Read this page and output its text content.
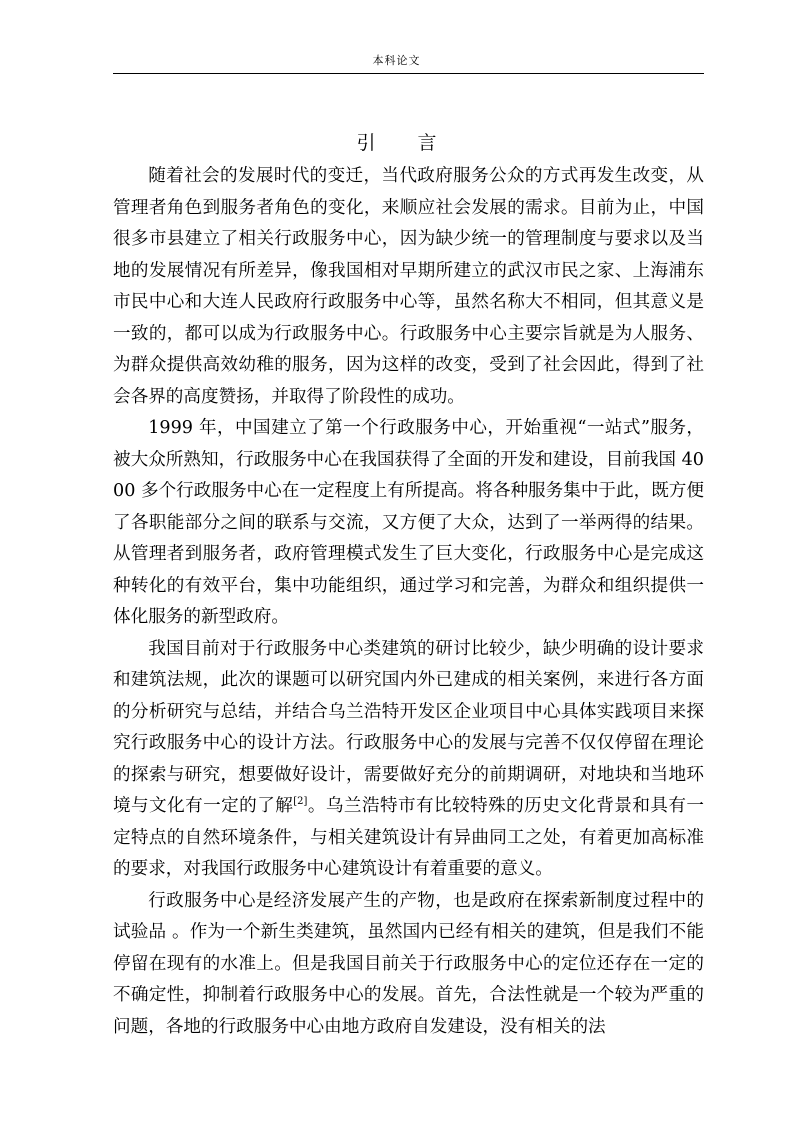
本科论文
引 言

随着社会的发展时代的变迁，当代政府服务公众的方式再发生改变，从管理者角色到服务者角色的变化，来顺应社会发展的需求。目前为止，中国很多市县建立了相关行政服务中心，因为缺少统一的管理制度与要求以及当地的发展情况有所差异，像我国相对早期所建立的武汉市民之家、上海浦东市民中心和大连人民政府行政服务中心等，虽然名称大不相同，但其意义是一致的，都可以成为行政服务中心。行政服务中心主要宗旨就是为人服务、为群众提供高效幼稚的服务，因为这样的改变，受到了社会因此，得到了社会各界的高度赞扬，并取得了阶段性的成功。

1999 年，中国建立了第一个行政服务中心，开始重视“一站式”服务，被大众所熟知，行政服务中心在我国获得了全面的开发和建设，目前我国 4000 多个行政服务中心在一定程度上有所提高。将各种服务集中于此，既方便了各职能部分之间的联系与交流，又方便了大众，达到了一举两得的结果。从管理者到服务者，政府管理模式发生了巨大变化，行政服务中心是完成这种转化的有效平台，集中功能组织，通过学习和完善，为群众和组织提供一体化服务的新型政府。

我国目前对于行政服务中心类建筑的研讨比较少，缺少明确的设计要求和建筑法规，此次的课题可以研究国内外已建成的相关案例，来进行各方面的分析研究与总结，并结合乌兰浩特开发区企业项目中心具体实践项目来探究行政服务中心的设计方法。行政服务中心的发展与完善不仅仅停留在理论的探索与研究，想要做好设计，需要做好充分的前期调研，对地块和当地环境与文化有一定的了解[2]。乌兰浩特市有比较特殊的历史文化背景和具有一定特点的自然环境条件，与相关建筑设计有异曲同工之处，有着更加高标准的要求，对我国行政服务中心建筑设计有着重要的意义。

行政服务中心是经济发展产生的产物，也是政府在探索新制度过程中的试验品 。作为一个新生类建筑，虽然国内已经有相关的建筑，但是我们不能停留在现有的水准上。但是我国目前关于行政服务中心的定位还存在一定的不确定性，抑制着行政服务中心的发展。首先，合法性就是一个较为严重的问题，各地的行政服务中心由地方政府自发建设，没有相关的法
